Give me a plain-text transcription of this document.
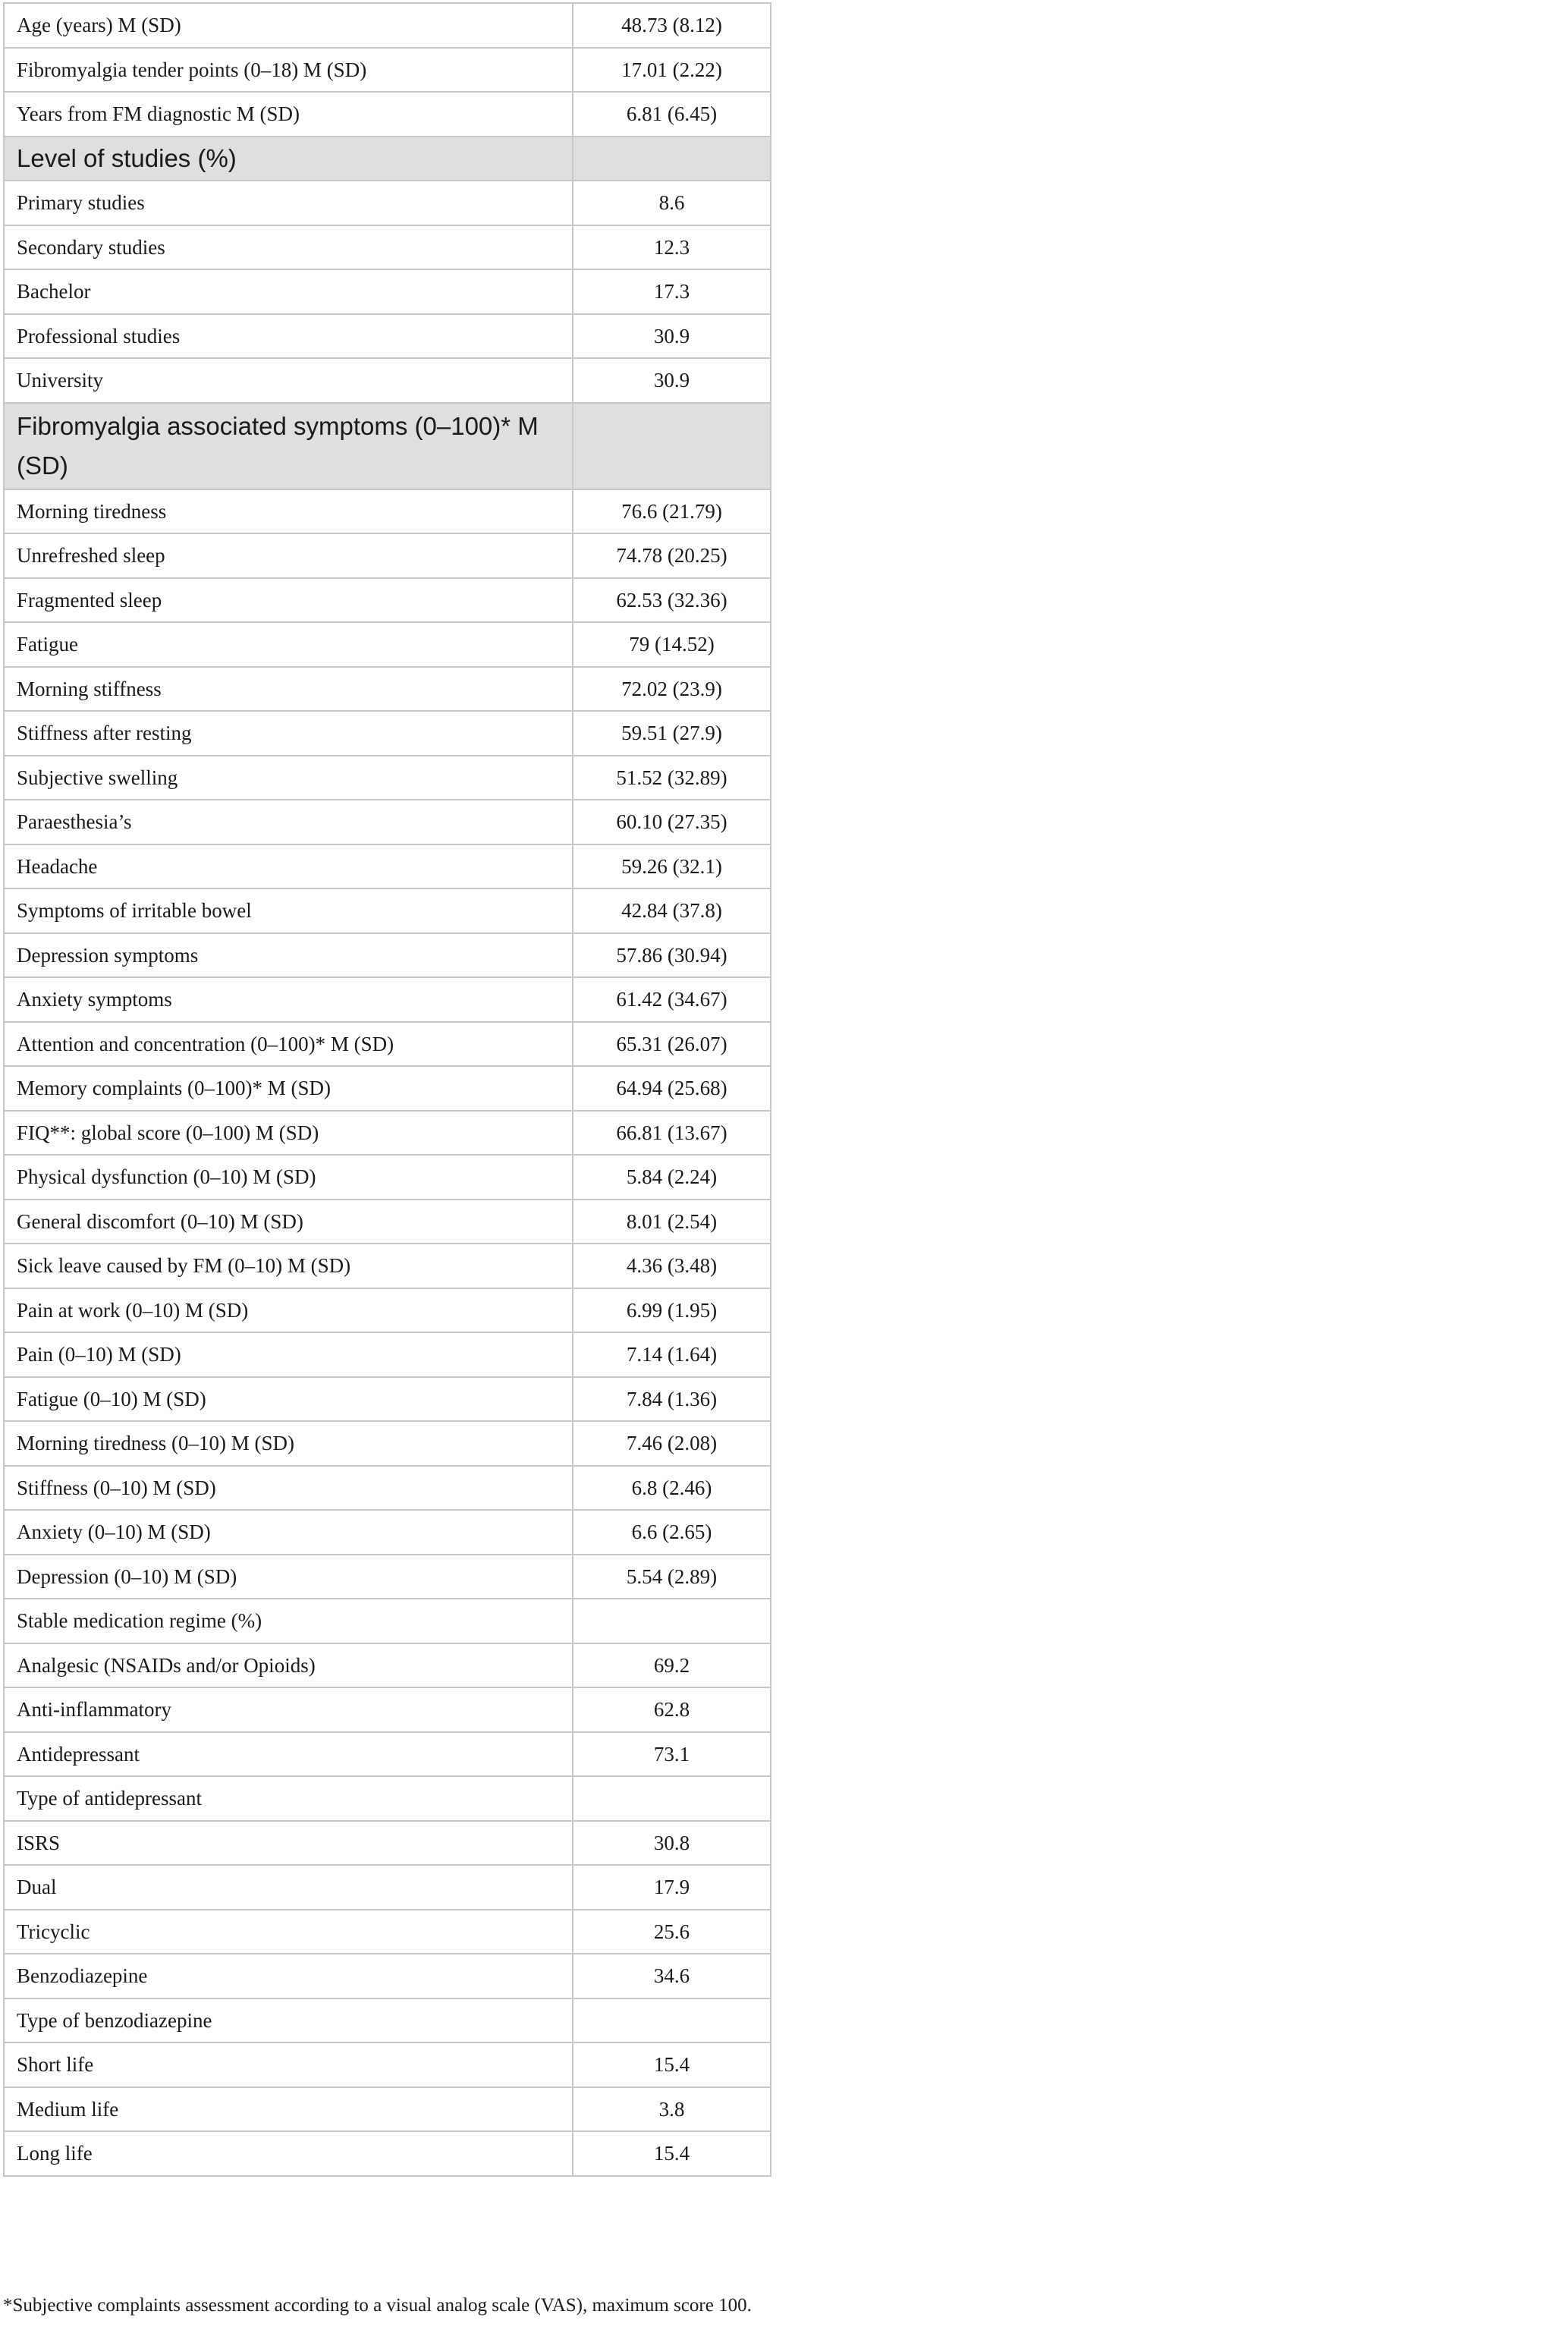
Age (years) M (SD)	48.73 (8.12)
Fibromyalgia tender points (0–18) M (SD)	17.01 (2.22)
Years from FM diagnostic M (SD)	6.81 (6.45)
Level of studies (%)	
Primary studies	8.6
Secondary studies	12.3
Bachelor	17.3
Professional studies	30.9
University	30.9
Fibromyalgia associated symptoms (0–100)* M (SD)	
Morning tiredness	76.6 (21.79)
Unrefreshed sleep	74.78 (20.25)
Fragmented sleep	62.53 (32.36)
Fatigue	79 (14.52)
Morning stiffness	72.02 (23.9)
Stiffness after resting	59.51 (27.9)
Subjective swelling	51.52 (32.89)
Paraesthesia’s	60.10 (27.35)
Headache	59.26 (32.1)
Symptoms of irritable bowel	42.84 (37.8)
Depression symptoms	57.86 (30.94)
Anxiety symptoms	61.42 (34.67)
Attention and concentration (0–100)* M (SD)	65.31 (26.07)
Memory complaints (0–100)* M (SD)	64.94 (25.68)
FIQ**: global score (0–100) M (SD)	66.81 (13.67)
Physical dysfunction (0–10) M (SD)	5.84 (2.24)
General discomfort (0–10) M (SD)	8.01 (2.54)
Sick leave caused by FM (0–10) M (SD)	4.36 (3.48)
Pain at work (0–10) M (SD)	6.99 (1.95)
Pain (0–10) M (SD)	7.14 (1.64)
Fatigue (0–10) M (SD)	7.84 (1.36)
Morning tiredness (0–10) M (SD)	7.46 (2.08)
Stiffness (0–10) M (SD)	6.8 (2.46)
Anxiety (0–10) M (SD)	6.6 (2.65)
Depression (0–10) M (SD)	5.54 (2.89)
Stable medication regime (%)	
Analgesic (NSAIDs and/or Opioids)	69.2
Anti-inflammatory	62.8
Antidepressant	73.1
Type of antidepressant	
ISRS	30.8
Dual	17.9
Tricyclic	25.6
Benzodiazepine	34.6
Type of benzodiazepine	
Short life	15.4
Medium life	3.8
Long life	15.4
*Subjective complaints assessment according to a visual analog scale (VAS), maximum score 100.
